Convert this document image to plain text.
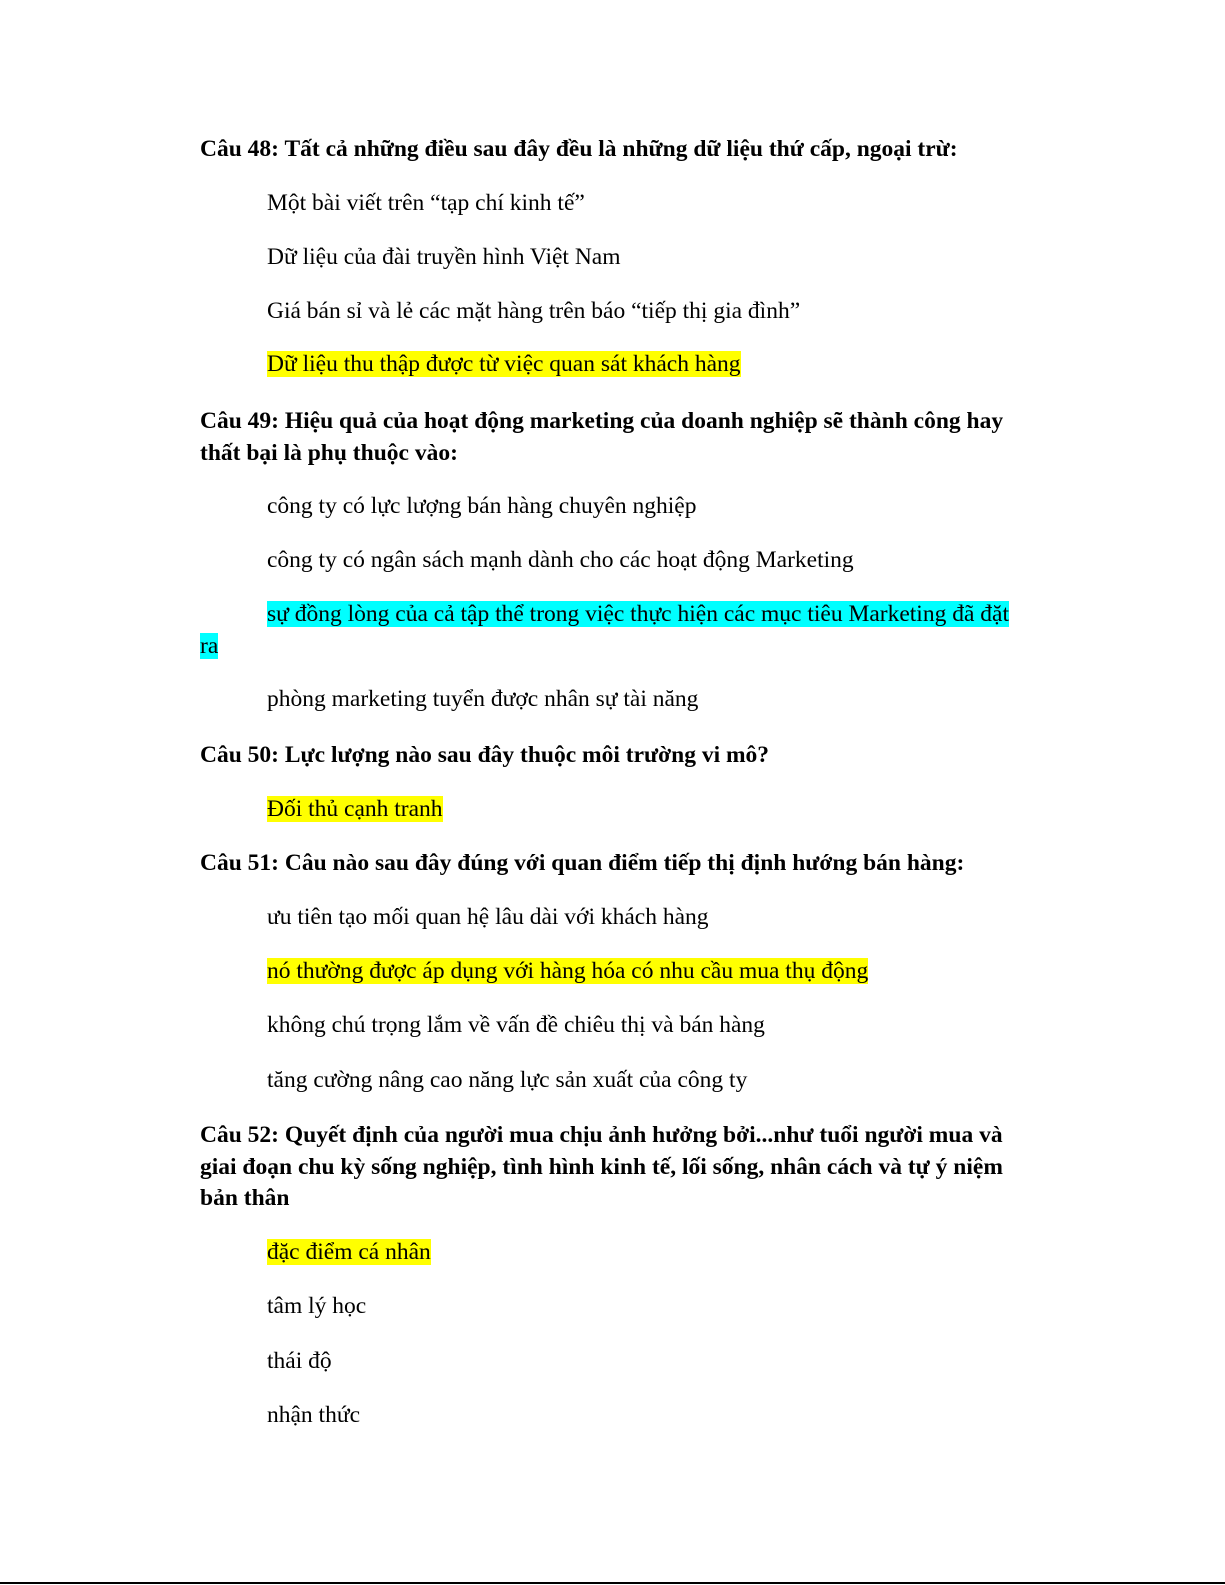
Câu 48: Tất cả những điều sau đây đều là những dữ liệu thứ cấp, ngoại trừ:

Một bài viết trên “tạp chí kinh tế”

Dữ liệu của đài truyền hình Việt Nam

Giá bán sỉ và lẻ các mặt hàng trên báo “tiếp thị gia đình”

Dữ liệu thu thập được từ việc quan sát khách hàng

Câu 49: Hiệu quả của hoạt động marketing của doanh nghiệp sẽ thành công hay

thất bại là phụ thuộc vào:

công ty có lực lượng bán hàng chuyên nghiệp

công ty có ngân sách mạnh dành cho các hoạt động Marketing

sự đồng lòng của cả tập thể trong việc thực hiện các mục tiêu Marketing đã đặt

ra

phòng marketing tuyển được nhân sự tài năng

Câu 50: Lực lượng nào sau đây thuộc môi trường vi mô?

Đối thủ cạnh tranh

Câu 51: Câu nào sau đây đúng với quan điểm tiếp thị định hướng bán hàng:

ưu tiên tạo mối quan hệ lâu dài với khách hàng

nó thường được áp dụng với hàng hóa có nhu cầu mua thụ động

không chú trọng lắm về vấn đề chiêu thị và bán hàng

tăng cường nâng cao năng lực sản xuất của công ty

Câu 52: Quyết định của người mua chịu ảnh hưởng bởi...như tuổi người mua và

giai đoạn chu kỳ sống nghiệp, tình hình kinh tế, lối sống, nhân cách và tự ý niệm

bản thân

đặc điểm cá nhân

tâm lý học

thái độ

nhận thức
